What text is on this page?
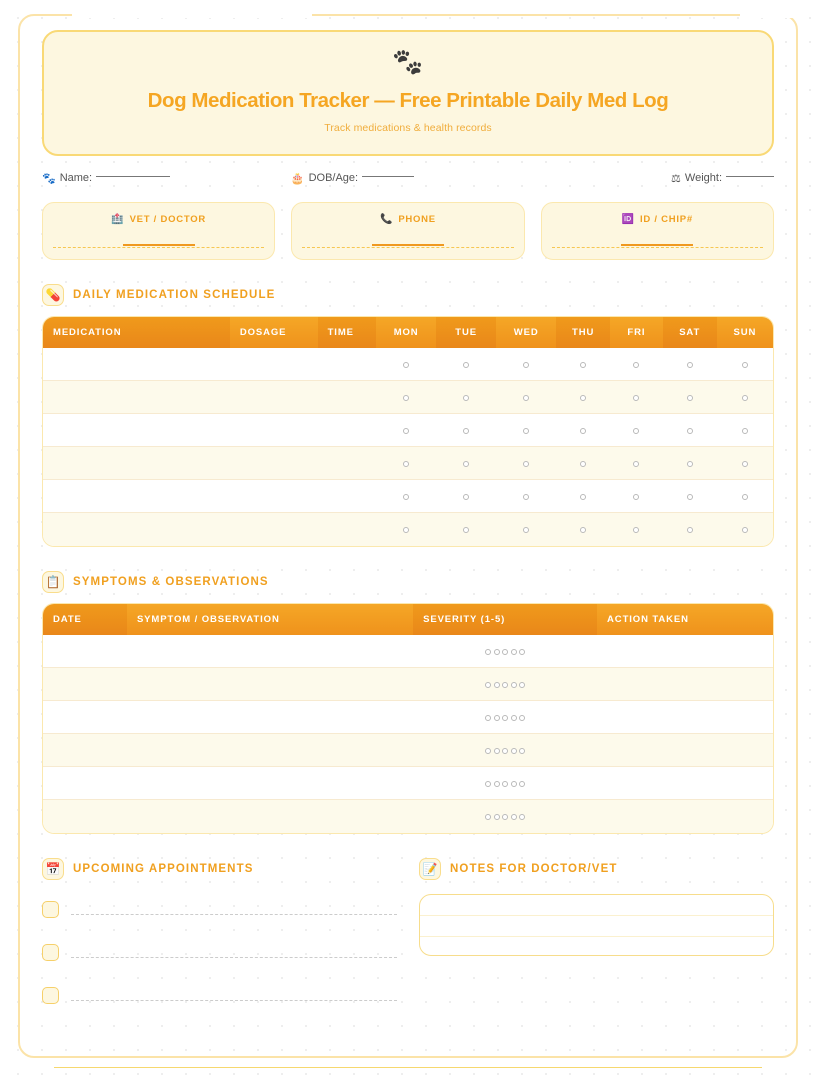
🐾
Dog Medication Tracker — Free Printable Daily Med Log
Track medications & health records
🐾 Name:	🎂 DOB/Age:	⚖ Weight:
🏥 VET / DOCTOR	📞 PHONE	🆔 ID / CHIP#
💊	DAILY MEDICATION SCHEDULE
MEDICATION	DOSAGE	TIME	MON	TUE	WED	THU	FRI	SAT	SUN

📋	SYMPTOMS & OBSERVATIONS
DATE	SYMPTOM / OBSERVATION	SEVERITY (1-5)	ACTION TAKEN

📅	UPCOMING APPOINTMENTS	📝	NOTES FOR DOCTOR/VET
